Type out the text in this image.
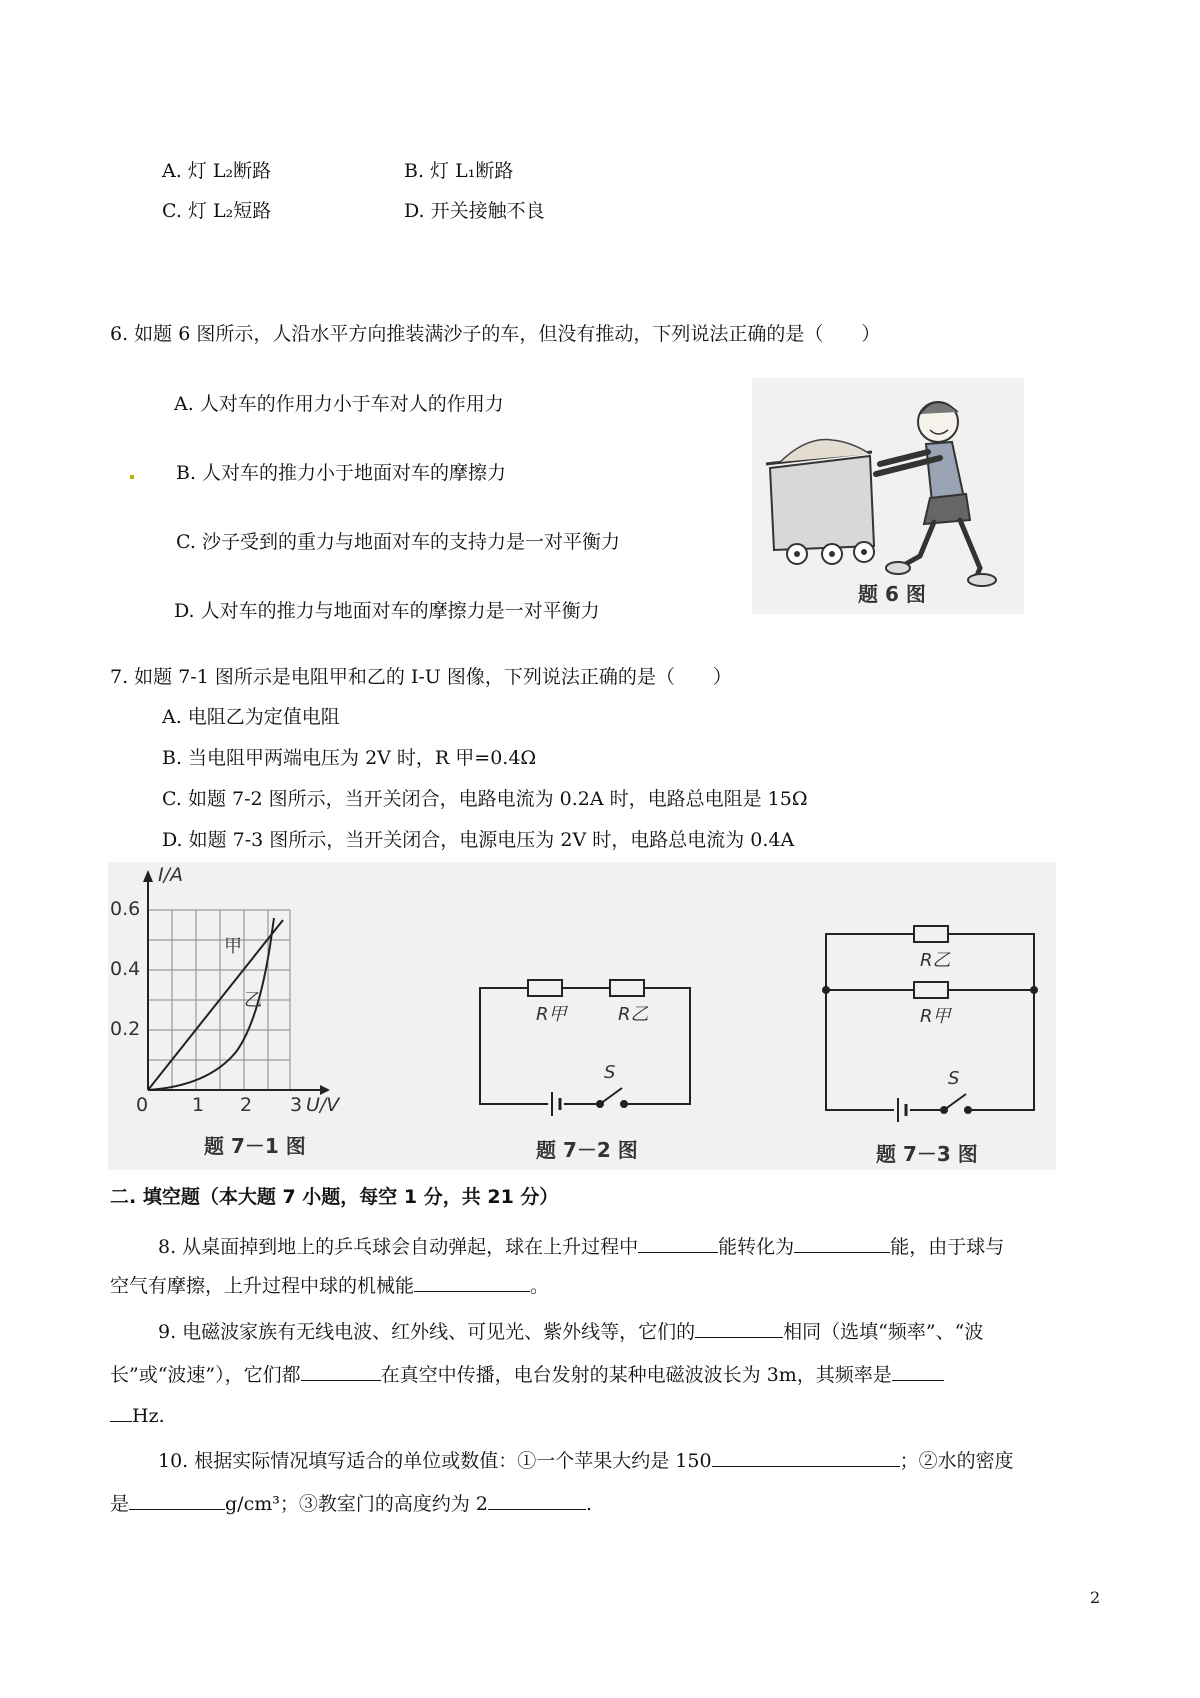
A. 灯 L₂断路	B. 灯 L₁断路
C. 灯 L₂短路	D. 开关接触不良
6. 如题 6 图所示，人沿水平方向推装满沙子的车，但没有推动，下列说法正确的是（　　）
A. 人对车的作用力小于车对人的作用力
B. 人对车的推力小于地面对车的摩擦力
C. 沙子受到的重力与地面对车的支持力是一对平衡力
D. 人对车的推力与地面对车的摩擦力是一对平衡力
题 6 图
7. 如题 7-1 图所示是电阻甲和乙的 I-U 图像，下列说法正确的是（　　）
A. 电阻乙为定值电阻
B. 当电阻甲两端电压为 2V 时，R 甲=0.4Ω
C. 如题 7-2 图所示，当开关闭合，电路电流为 0.2A 时，电路总电阻是 15Ω
D. 如题 7-3 图所示，当开关闭合，电源电压为 2V 时，电路总电流为 0.4A
I/A
0.6
0.4
0.2
0 1 2 3 U/V
甲
乙
题 7－1 图
R甲	R乙
S
题 7－2 图
R乙
R甲
S
题 7－3 图
二. 填空题（本大题 7 小题，每空 1 分，共 21 分）
8. 从桌面掉到地上的乒乓球会自动弹起，球在上升过程中	能转化为	能，由于球与
空气有摩擦，上升过程中球的机械能	。
9. 电磁波家族有无线电波、红外线、可见光、紫外线等，它们的	相同（选填“频率”、“波
长”或“波速”），它们都	在真空中传播，电台发射的某种电磁波波长为 3m，其频率是
Hz.
10. 根据实际情况填写适合的单位或数值：①一个苹果大约是 150	；②水的密度
是	g/cm³；③教室门的高度约为 2	.
2
